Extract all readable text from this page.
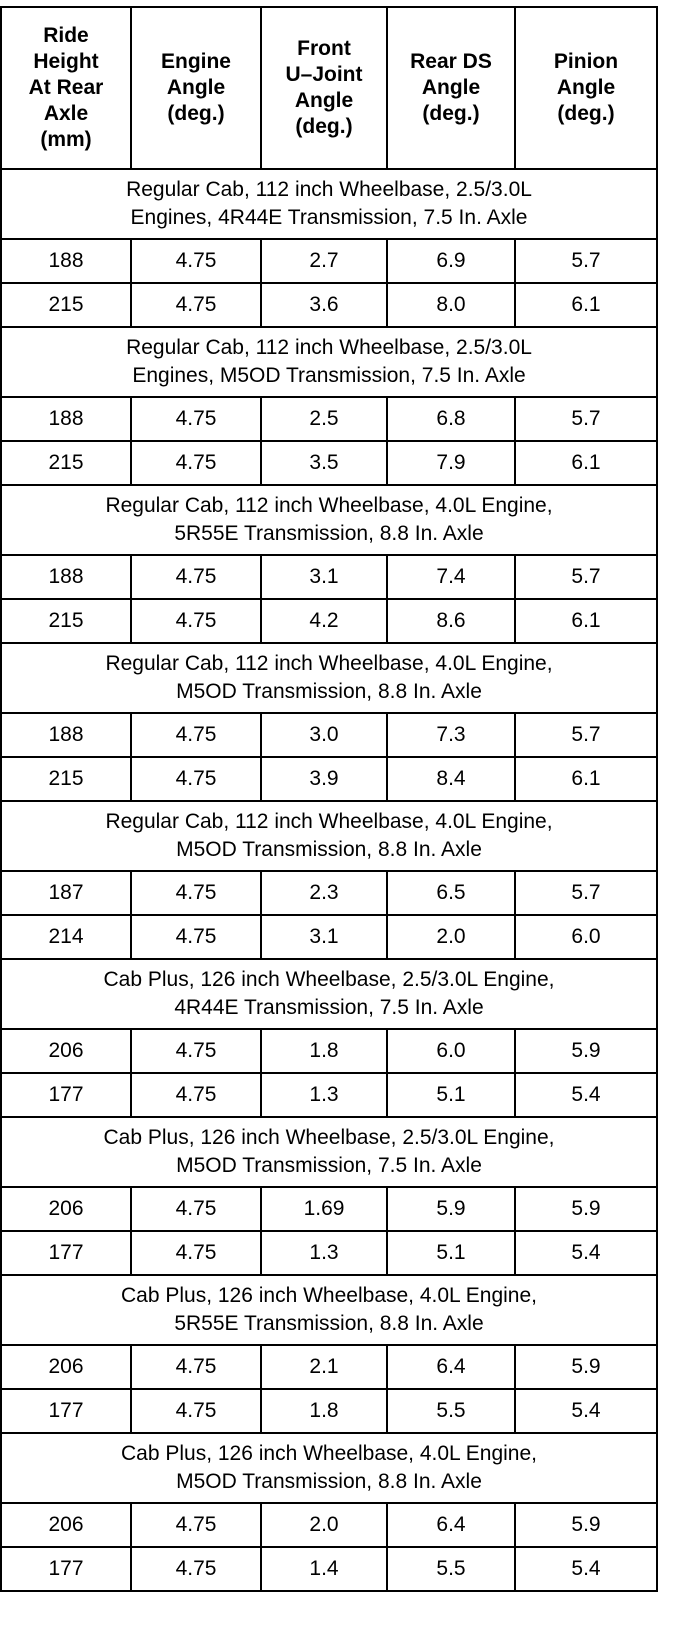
Ride
Height
At Rear
Axle
(mm)	Engine
Angle
(deg.)	Front
U–Joint
Angle
(deg.)	Rear DS
Angle
(deg.)	Pinion
Angle
(deg.)

Regular Cab, 112 inch Wheelbase, 2.5/3.0L
Engines, 4R44E Transmission, 7.5 In. Axle				

188	4.75	2.7	6.9	5.7
215	4.75	3.6	8.0	6.1

Regular Cab, 112 inch Wheelbase, 2.5/3.0L
Engines, M5OD Transmission, 7.5 In. Axle				

188	4.75	2.5	6.8	5.7
215	4.75	3.5	7.9	6.1

Regular Cab, 112 inch Wheelbase, 4.0L Engine,
5R55E Transmission, 8.8 In. Axle				

188	4.75	3.1	7.4	5.7
215	4.75	4.2	8.6	6.1

Regular Cab, 112 inch Wheelbase, 4.0L Engine,
M5OD Transmission, 8.8 In. Axle				

188	4.75	3.0	7.3	5.7
215	4.75	3.9	8.4	6.1

Regular Cab, 112 inch Wheelbase, 4.0L Engine,
M5OD Transmission, 8.8 In. Axle				

187	4.75	2.3	6.5	5.7
214	4.75	3.1	2.0	6.0

Cab Plus, 126 inch Wheelbase, 2.5/3.0L Engine,
4R44E Transmission, 7.5 In. Axle				

206	4.75	1.8	6.0	5.9
177	4.75	1.3	5.1	5.4

Cab Plus, 126 inch Wheelbase, 2.5/3.0L Engine,
M5OD Transmission, 7.5 In. Axle				

206	4.75	1.69	5.9	5.9
177	4.75	1.3	5.1	5.4

Cab Plus, 126 inch Wheelbase, 4.0L Engine,
5R55E Transmission, 8.8 In. Axle				

206	4.75	2.1	6.4	5.9
177	4.75	1.8	5.5	5.4

Cab Plus, 126 inch Wheelbase, 4.0L Engine,
M5OD Transmission, 8.8 In. Axle				

206	4.75	2.0	6.4	5.9
177	4.75	1.4	5.5	5.4
